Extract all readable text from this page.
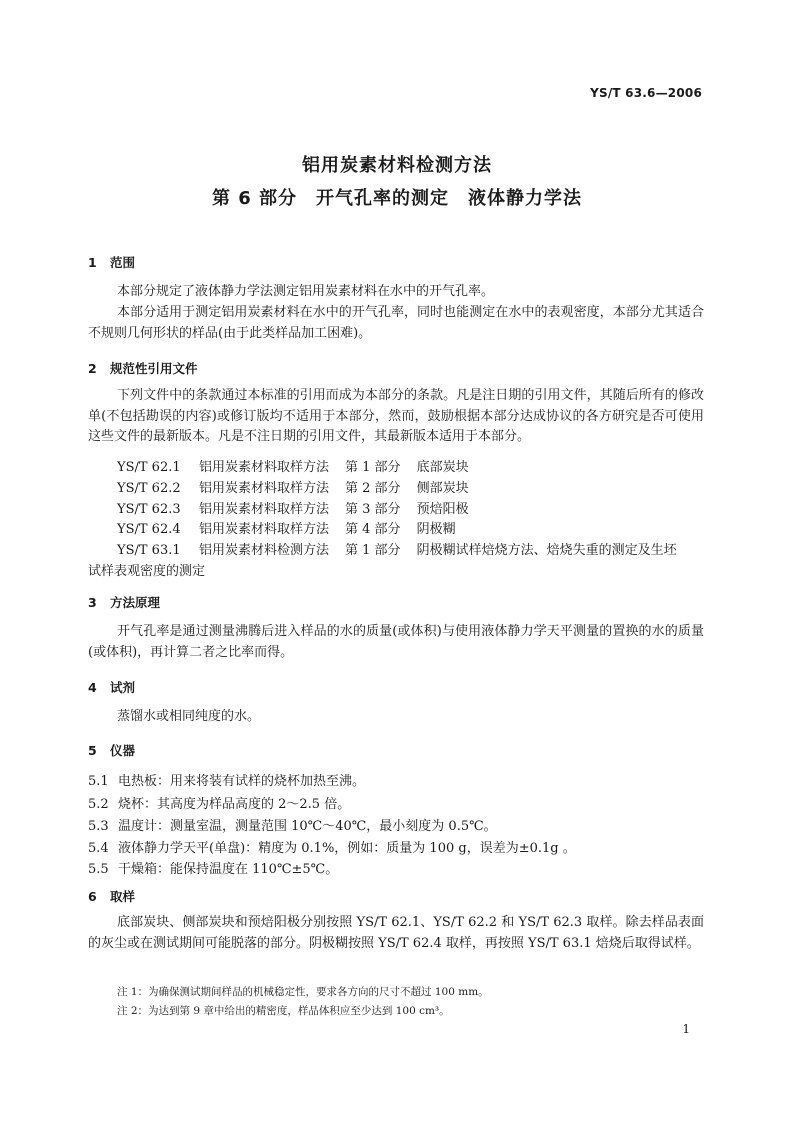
YS/T 63.6—2006
铝用炭素材料检测方法
第 6 部分　开气孔率的测定　液体静力学法
1 范围

本部分规定了液体静力学法测定铝用炭素材料在水中的开气孔率。

本部分适用于测定铝用炭素材料在水中的开气孔率，同时也能测定在水中的表观密度，本部分尤其适合不规则几何形状的样品(由于此类样品加工困难)。

2 规范性引用文件

下列文件中的条款通过本标准的引用而成为本部分的条款。凡是注日期的引用文件，其随后所有的修改单(不包括勘误的内容)或修订版均不适用于本部分，然而，鼓励根据本部分达成协议的各方研究是否可使用这些文件的最新版本。凡是不注日期的引用文件，其最新版本适用于本部分。

YS/T 62.1 铝用炭素材料取样方法 第 1 部分 底部炭块
YS/T 62.2 铝用炭素材料取样方法 第 2 部分 侧部炭块
YS/T 62.3 铝用炭素材料取样方法 第 3 部分 预焙阳极
YS/T 62.4 铝用炭素材料取样方法 第 4 部分 阴极糊
YS/T 63.1 铝用炭素材料检测方法 第 1 部分 阴极糊试样焙烧方法、焙烧失重的测定及生坯
试样表观密度的测定
3 方法原理

开气孔率是通过测量沸腾后进入样品的水的质量(或体积)与使用液体静力学天平测量的置换的水的质量(或体积)，再计算二者之比率而得。

4 试剂

蒸馏水或相同纯度的水。

5 仪器
5.1 电热板：用来将装有试样的烧杯加热至沸。
5.2 烧杯：其高度为样品高度的 2～2.5 倍。
5.3 温度计：测量室温，测量范围 10℃～40℃，最小刻度为 0.5℃。
5.4 液体静力学天平(单盘)：精度为 0.1%，例如：质量为 100 g，误差为±0.1g 。
5.5 干燥箱：能保持温度在 110℃±5℃。
6 取样

底部炭块、侧部炭块和预焙阳极分别按照 YS/T 62.1、YS/T 62.2 和 YS/T 62.3 取样。除去样品表面的灰尘或在测试期间可能脱落的部分。阴极糊按照 YS/T 62.4 取样，再按照 YS/T 63.1 焙烧后取得试样。

注 1：为确保测试期间样品的机械稳定性，要求各方向的尺寸不超过 100 mm。
注 2：为达到第 9 章中给出的精密度，样品体积应至少达到 100 cm³。
1
